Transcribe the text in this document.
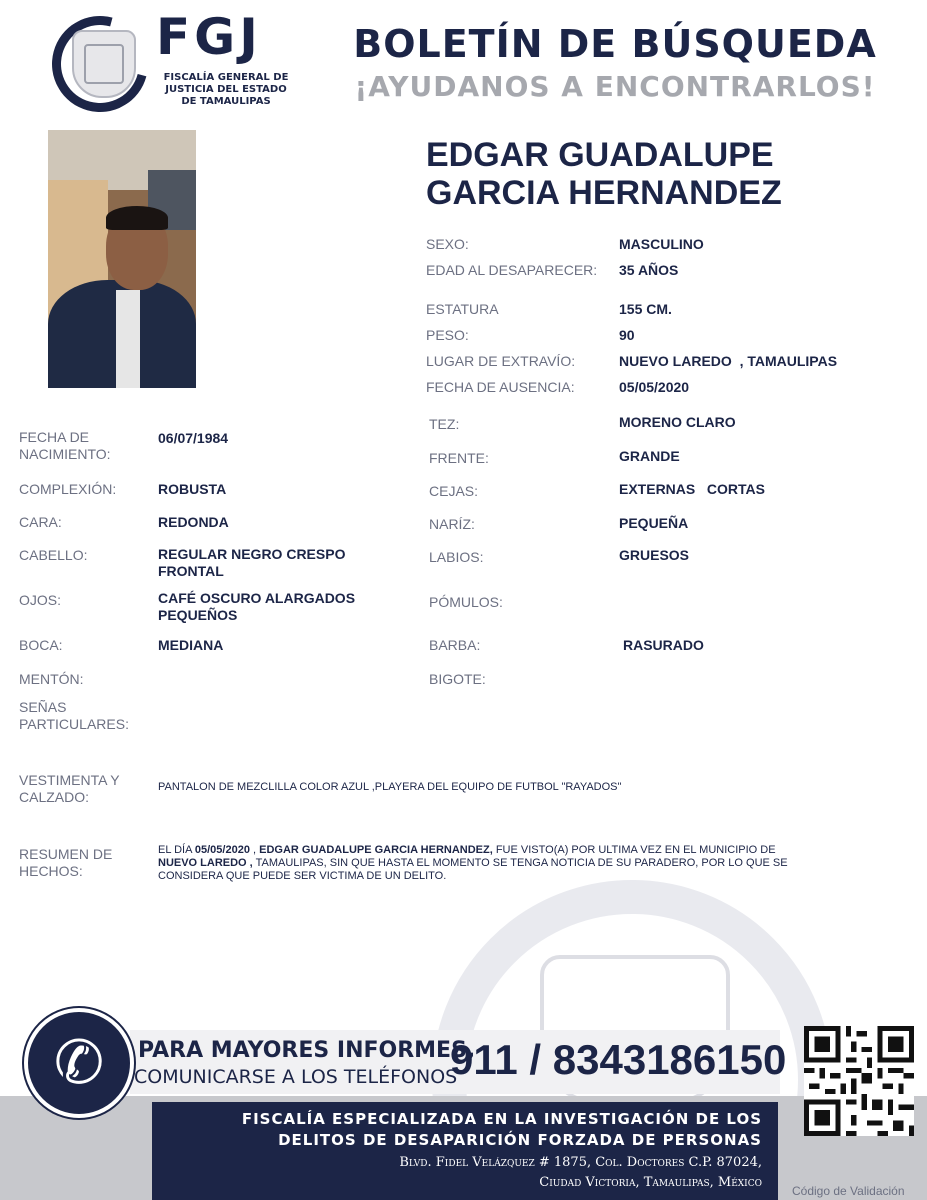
FGJ
FISCALÍA GENERAL DE
JUSTICIA DEL ESTADO
DE TAMAULIPAS
BOLETÍN DE BÚSQUEDA
¡AYUDANOS A ENCONTRARLOS!
EDGAR GUADALUPE
GARCIA HERNANDEZ
SEXO:	MASCULINO
EDAD AL DESAPARECER: 35 AÑOS
ESTATURA	155 CM.
PESO:	90
LUGAR DE EXTRAVÍO:	NUEVO LAREDO  , TAMAULIPAS
FECHA DE AUSENCIA:	05/05/2020
FECHA DE
NACIMIENTO:
06/07/1984
COMPLEXIÓN:	ROBUSTA
CARA:	REDONDA
CABELLO:	REGULAR NEGRO CRESPO
FRONTAL
OJOS:	CAFÉ OSCURO ALARGADOS
PEQUEÑOS
BOCA:	MEDIANA
MENTÓN:
SEÑAS
PARTICULARES:
TEZ:	MORENO CLARO
FRENTE:	GRANDE
CEJAS:	EXTERNAS   CORTAS
NARÍZ:	PEQUEÑA
LABIOS:	GRUESOS
PÓMULOS:
BARBA:	RASURADO
BIGOTE:
VESTIMENTA Y
CALZADO:
PANTALON DE MEZCLILLA COLOR AZUL ,PLAYERA DEL EQUIPO DE FUTBOL "RAYADOS"
RESUMEN DE
HECHOS:
EL DÍA 05/05/2020 , EDGAR GUADALUPE GARCIA HERNANDEZ, FUE VISTO(A) POR ULTIMA VEZ EN EL MUNICIPIO DE
NUEVO LAREDO , TAMAULIPAS, SIN QUE HASTA EL MOMENTO SE TENGA NOTICIA DE SU PARADERO, POR LO QUE SE
CONSIDERA QUE PUEDE SER VICTIMA DE UN DELITO.
✆	PARA MAYORES INFORMES,
COMUNICARSE A LOS TELÉFONOS
911 / 8343186150
FISCALÍA ESPECIALIZADA EN LA INVESTIGACIÓN DE LOS
DELITOS DE DESAPARICIÓN FORZADA DE PERSONAS
Blvd. Fidel Velázquez # 1875, Col. Doctores C.P. 87024,
Ciudad Victoria, Tamaulipas, México
Código de Validación
